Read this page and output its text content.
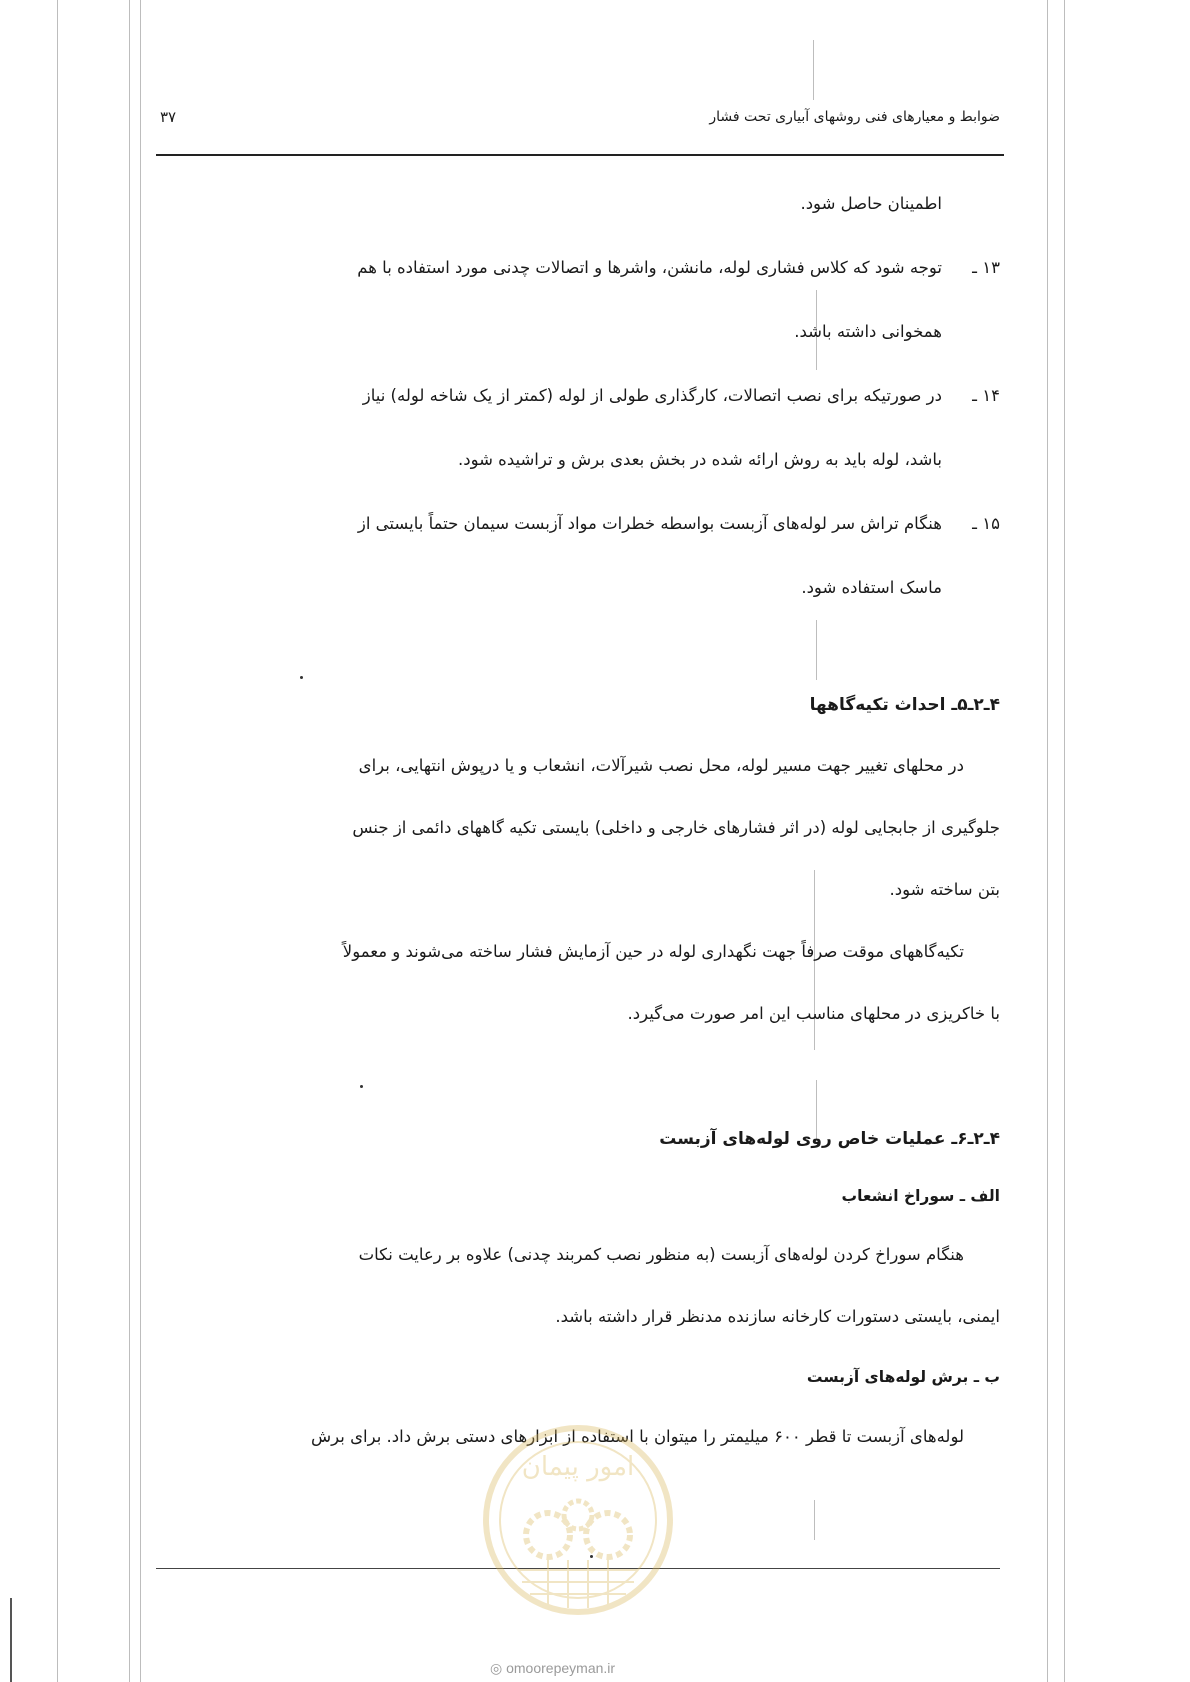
ضوابط و معیارهای فنی روشهای آبیاری تحت فشار
۳۷

اطمینان حاصل شود.

۱۳ ـ
توجه شود که کلاس فشاری لوله، مانشن، واشرها و اتصالات چدنی مورد استفاده با هم

همخوانی داشته باشد.

۱۴ ـ
در صورتیکه برای نصب اتصالات، کارگذاری طولی از لوله (کمتر از یک شاخه لوله) نیاز

باشد، لوله باید به روش ارائه شده در بخش بعدی برش و تراشیده شود.

۱۵ ـ
هنگام تراش سر لوله‌های آزبست بواسطه خطرات مواد آزبست سیمان حتماً بایستی از

ماسک استفاده شود.

۴ـ۲ـ۵ـ احداث تکیه‌گاهها

در محلهای تغییر جهت مسیر لوله، محل نصب شیرآلات، انشعاب و یا درپوش انتهایی، برای

جلوگیری از جابجایی لوله (در اثر فشارهای خارجی و داخلی) بایستی تکیه گاههای دائمی از جنس

بتن ساخته شود.

تکیه‌گاههای موقت صرفاً جهت نگهداری لوله در حین آزمایش فشار ساخته می‌شوند و معمولاً

با خاکریزی در محلهای مناسب این امر صورت می‌گیرد.

۴ـ۲ـ۶ـ عملیات خاص روی لوله‌های آزبست
الف ـ سوراخ انشعاب

هنگام سوراخ کردن لوله‌های آزبست (به منظور نصب کمربند چدنی) علاوه بر رعایت نکات

ایمنی، بایستی دستورات کارخانه سازنده مدنظر قرار داشته باشد.

ب ـ برش لوله‌های آزبست

لوله‌های آزبست تا قطر ۶۰۰ میلیمتر را میتوان با استفاده از ابزارهای دستی برش داد. برای برش

امور پیمان
◎ omoorepeyman.ir
